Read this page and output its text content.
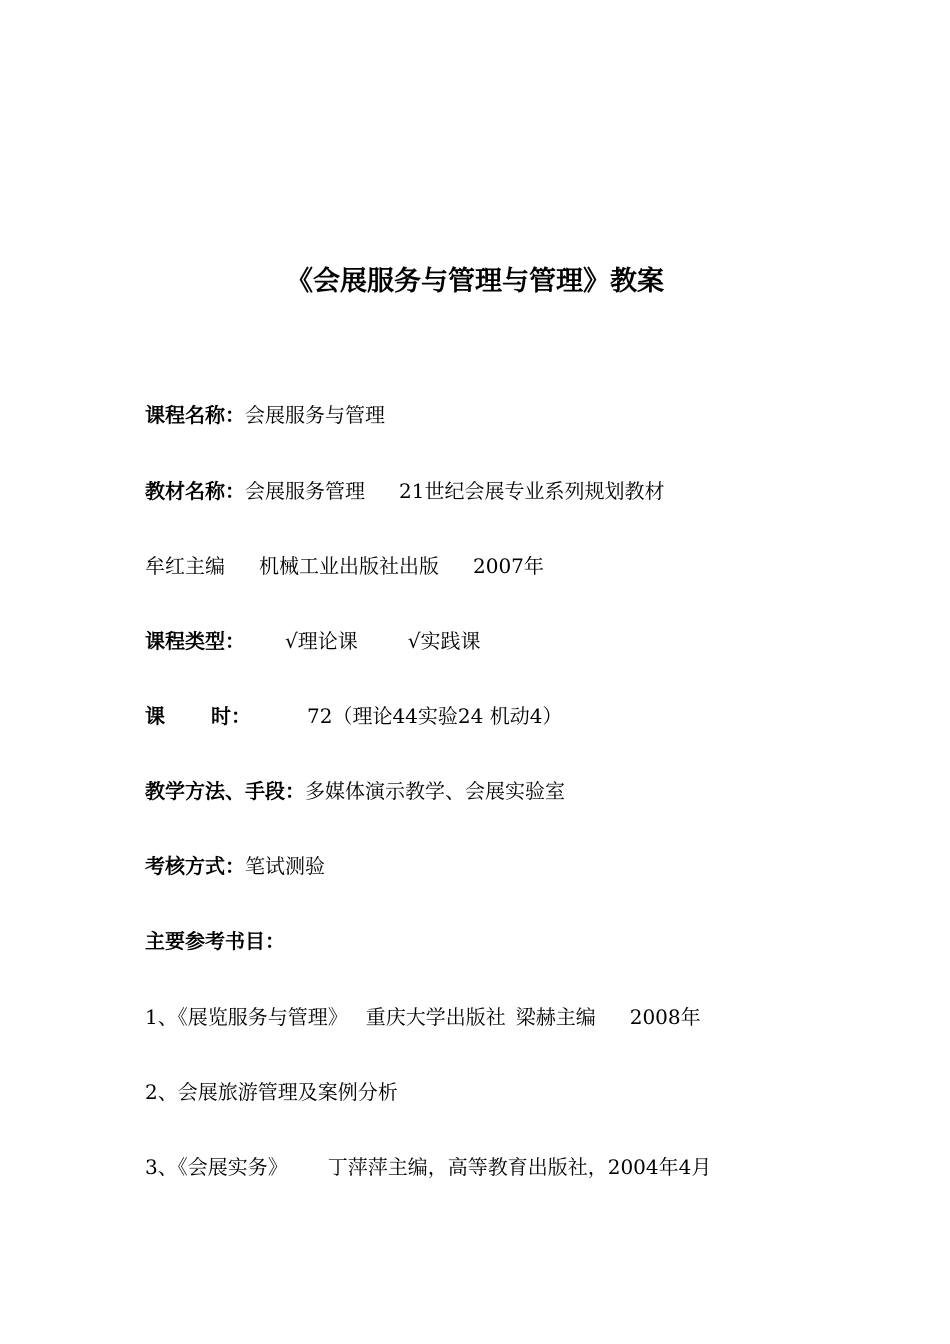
《会展服务与管理与管理》教案
课程名称：会展服务与管理
教材名称：会展服务管理 21世纪会展专业系列规划教材
牟红主编 机械工业出版社出版 2007年
课程类型： √理论课	√实践课
课 时：	72（理论44实验24 机动4）
教学方法、手段：多媒体演示教学、会展实验室
考核方式：笔试测验
主要参考书目：
1、《展览服务与管理》 重庆大学出版社 梁赫主编 2008年
2、会展旅游管理及案例分析
3、《会展实务》 丁萍萍主编，高等教育出版社，2004年4月
